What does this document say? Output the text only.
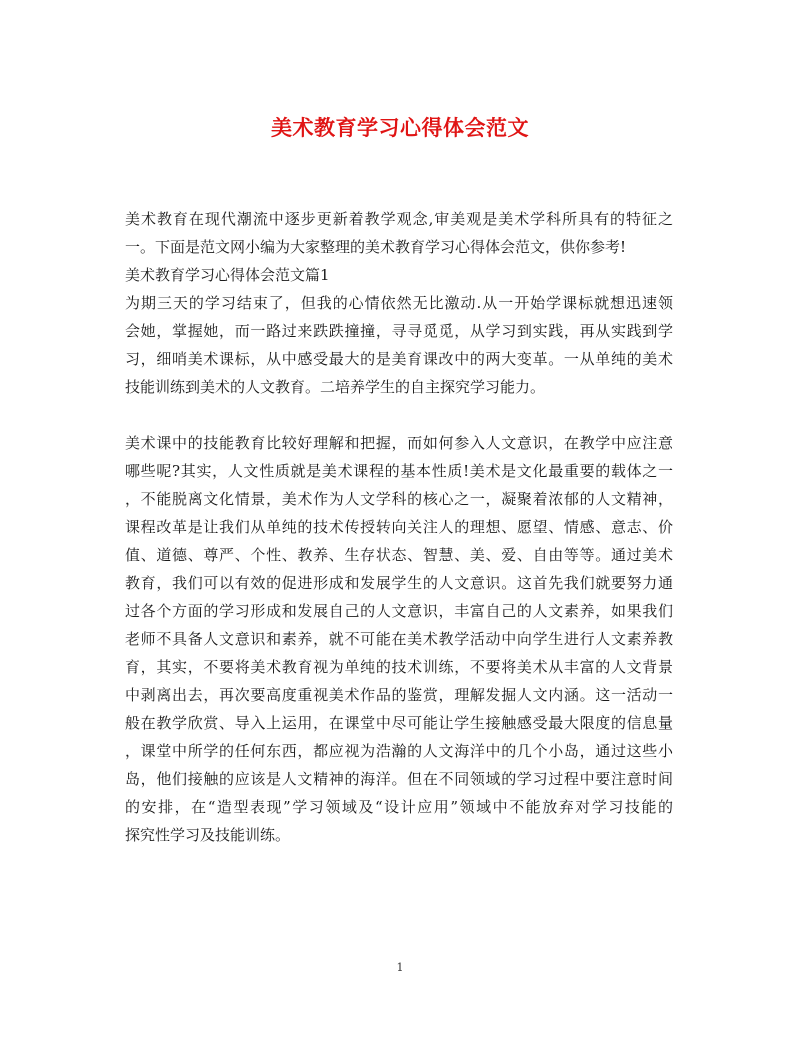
美术教育学习心得体会范文
美术教育在现代潮流中逐步更新着教学观念,审美观是美术学科所具有的特征之
一。下面是范文网小编为大家整理的美术教育学习心得体会范文，供你参考!
美术教育学习心得体会范文篇1
为期三天的学习结束了，但我的心情依然无比激动.从一开始学课标就想迅速领
会她，掌握她，而一路过来跌跌撞撞，寻寻觅觅，从学习到实践，再从实践到学
习，细哨美术课标，从中感受最大的是美育课改中的两大变革。一从单纯的美术
技能训练到美术的人文教育。二培养学生的自主探究学习能力。
美术课中的技能教育比较好理解和把握，而如何参入人文意识，在教学中应注意
哪些呢?其实，人文性质就是美术课程的基本性质!美术是文化最重要的载体之一
，不能脱离文化情景，美术作为人文学科的核心之一，凝聚着浓郁的人文精神，
课程改革是让我们从单纯的技术传授转向关注人的理想、愿望、情感、意志、价
值、道德、尊严、个性、教养、生存状态、智慧、美、爱、自由等等。通过美术
教育，我们可以有效的促进形成和发展学生的人文意识。这首先我们就要努力通
过各个方面的学习形成和发展自己的人文意识，丰富自己的人文素养，如果我们
老师不具备人文意识和素养，就不可能在美术教学活动中向学生进行人文素养教
育，其实，不要将美术教育视为单纯的技术训练，不要将美术从丰富的人文背景
中剥离出去，再次要高度重视美术作品的鉴赏，理解发掘人文内涵。这一活动一
般在教学欣赏、导入上运用，在课堂中尽可能让学生接触感受最大限度的信息量
，课堂中所学的任何东西，都应视为浩瀚的人文海洋中的几个小岛，通过这些小
岛，他们接触的应该是人文精神的海洋。但在不同领域的学习过程中要注意时间
的安排，在“造型表现”学习领域及“设计应用”领域中不能放弃对学习技能的
探究性学习及技能训练。
1
